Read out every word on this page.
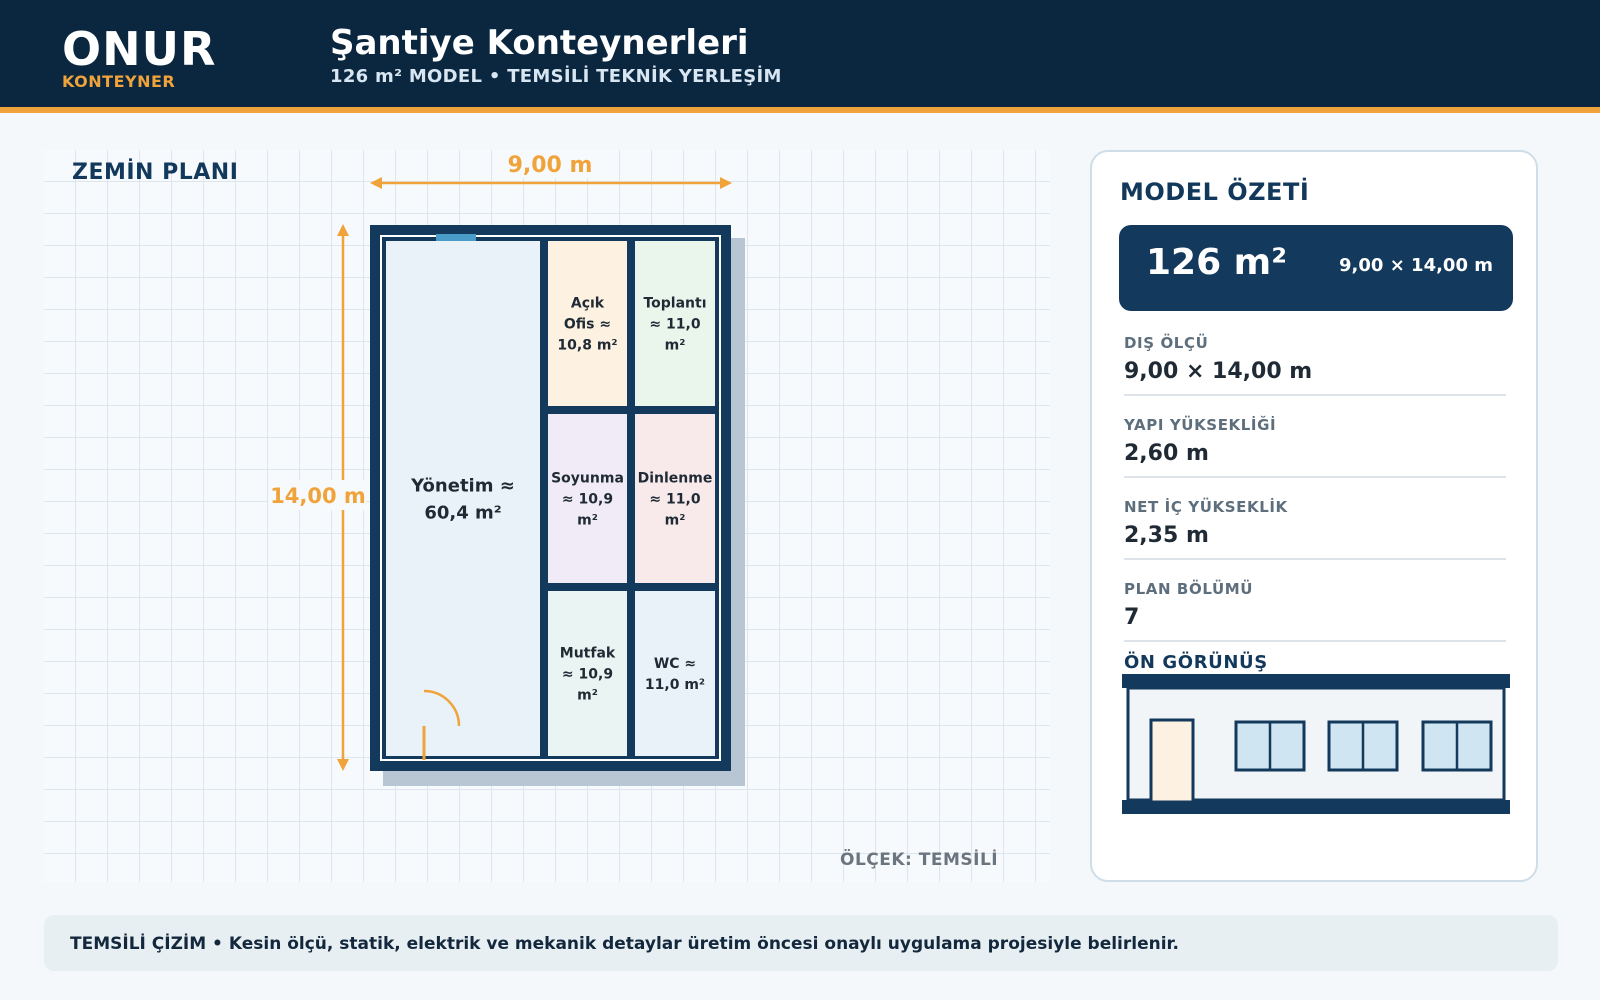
ONUR
KONTEYNER
Şantiye Konteynerleri
126 m² MODEL • TEMSİLİ TEKNİK YERLEŞİM
ZEMİN PLANI	9,00 m
14,00 m	Yönetim ≈
60,4 m²
Açık
Ofis ≈
10,8 m²
Toplantı
≈ 11,0
m²
Soyunma
≈ 10,9
m²
Dinlenme
≈ 11,0
m²
Mutfak
≈ 10,9
m²
WC ≈
11,0 m²
ÖLÇEK: TEMSİLİ
MODEL ÖZETİ
126 m²	9,00 × 14,00 m
DIŞ ÖLÇÜ
9,00 × 14,00 m
YAPI YÜKSEKLİĞİ
2,60 m
NET İÇ YÜKSEKLİK
2,35 m
PLAN BÖLÜMÜ
7
ÖN GÖRÜNÜŞ
TEMSİLİ ÇİZİM • Kesin ölçü, statik, elektrik ve mekanik detaylar üretim öncesi onaylı uygulama projesiyle belirlenir.
